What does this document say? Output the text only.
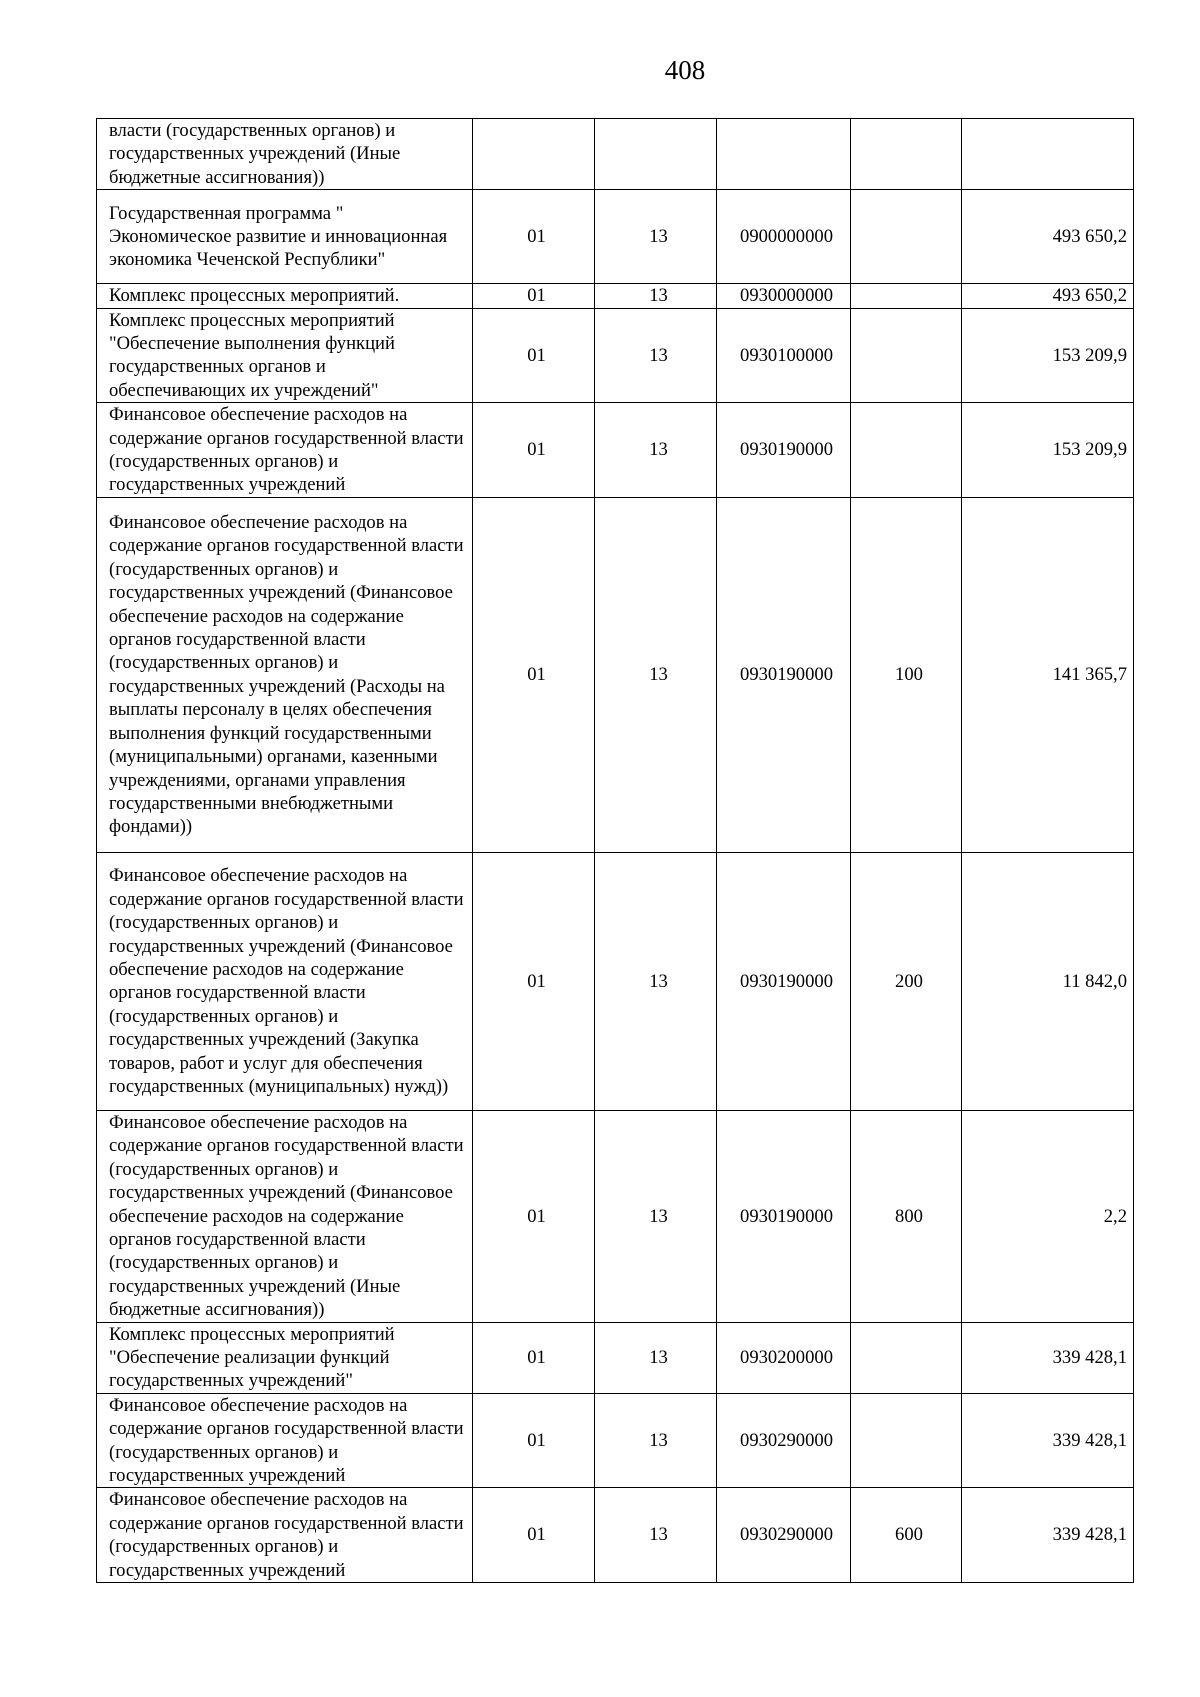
408
власти (государственных органов) и государственных учреждений (Иные бюджетные ассигнования))					
Государственная программа " Экономическое развитие и инновационная экономика Чеченской Республики"	01	13	0900000000		493 650,2
Комплекс процессных мероприятий.	01	13	0930000000		493 650,2
Комплекс процессных мероприятий "Обеспечение выполнения функций государственных органов и обеспечивающих их учреждений"	01	13	0930100000		153 209,9
Финансовое обеспечение расходов на содержание органов государственной власти (государственных органов) и государственных учреждений	01	13	0930190000		153 209,9
Финансовое обеспечение расходов на содержание органов государственной власти (государственных органов) и государственных учреждений (Финансовое обеспечение расходов на содержание органов государственной власти (государственных органов) и государственных учреждений (Расходы на выплаты персоналу в целях обеспечения выполнения функций государственными (муниципальными) органами, казенными учреждениями, органами управления государственными внебюджетными фондами))	01	13	0930190000	100	141 365,7
Финансовое обеспечение расходов на содержание органов государственной власти (государственных органов) и государственных учреждений (Финансовое обеспечение расходов на содержание органов государственной власти (государственных органов) и государственных учреждений (Закупка товаров, работ и услуг для обеспечения государственных (муниципальных) нужд))	01	13	0930190000	200	11 842,0
Финансовое обеспечение расходов на содержание органов государственной власти (государственных органов) и государственных учреждений (Финансовое обеспечение расходов на содержание органов государственной власти (государственных органов) и государственных учреждений (Иные бюджетные ассигнования))	01	13	0930190000	800	2,2
Комплекс процессных мероприятий "Обеспечение реализации функций государственных учреждений"	01	13	0930200000		339 428,1
Финансовое обеспечение расходов на содержание органов государственной власти (государственных органов) и государственных учреждений	01	13	0930290000		339 428,1
Финансовое обеспечение расходов на содержание органов государственной власти (государственных органов) и государственных учреждений	01	13	0930290000	600	339 428,1
